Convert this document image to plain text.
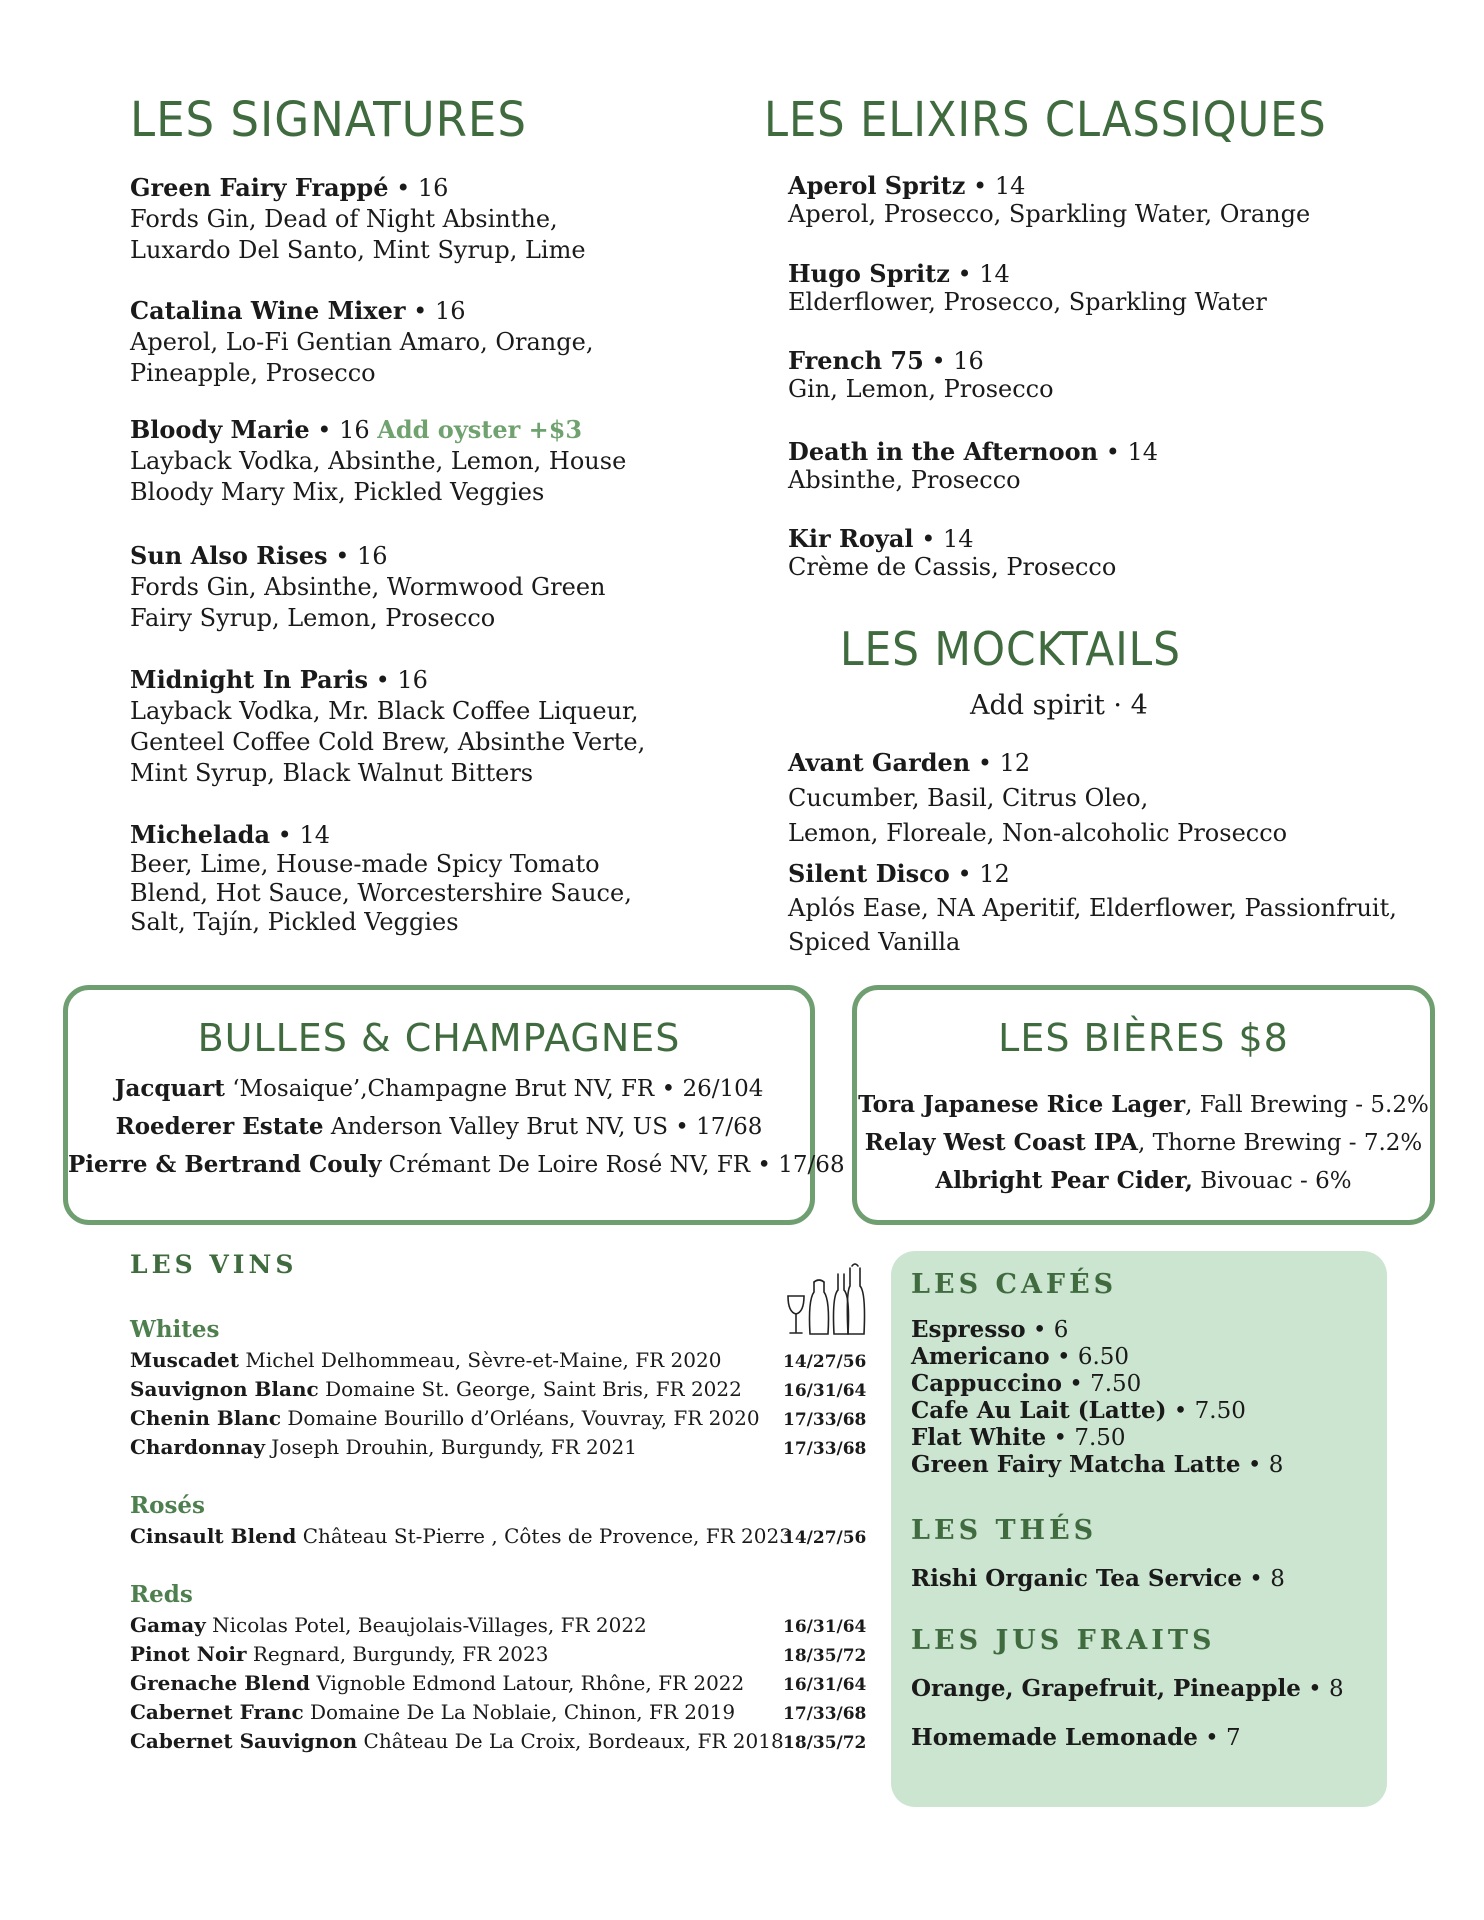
LES SIGNATURES
Green Fairy Frappé • 16
Fords Gin, Dead of Night Absinthe,
Luxardo Del Santo, Mint Syrup, Lime
Catalina Wine Mixer • 16
Aperol, Lo-Fi Gentian Amaro, Orange,
Pineapple, Prosecco
Bloody Marie • 16 Add oyster +$3
Layback Vodka, Absinthe, Lemon, House
Bloody Mary Mix, Pickled Veggies
Sun Also Rises • 16
Fords Gin, Absinthe, Wormwood Green
Fairy Syrup, Lemon, Prosecco
Midnight In Paris • 16
Layback Vodka, Mr. Black Coffee Liqueur,
Genteel Coffee Cold Brew, Absinthe Verte,
Mint Syrup, Black Walnut Bitters
Michelada • 14
Beer, Lime, House-made Spicy Tomato
Blend, Hot Sauce, Worcestershire Sauce,
Salt, Tajín, Pickled Veggies
LES ELIXIRS CLASSIQUES
Aperol Spritz • 14
Aperol, Prosecco, Sparkling Water, Orange
Hugo Spritz • 14
Elderflower, Prosecco, Sparkling Water
French 75 • 16
Gin, Lemon, Prosecco
Death in the Afternoon • 14
Absinthe, Prosecco
Kir Royal • 14
Crème de Cassis, Prosecco
LES MOCKTAILS
Add spirit · 4
Avant Garden • 12
Cucumber, Basil, Citrus Oleo,
Lemon, Floreale, Non-alcoholic Prosecco
Silent Disco • 12
Aplós Ease, NA Aperitif, Elderflower, Passionfruit,
Spiced Vanilla
BULLES & CHAMPAGNES
Jacquart ‘Mosaique’,Champagne Brut NV, FR • 26/104
Roederer Estate Anderson Valley Brut NV, US • 17/68
Pierre & Bertrand Couly Crémant De Loire Rosé NV, FR • 17/68
LES BIÈRES $8
Tora Japanese Rice Lager, Fall Brewing - 5.2%
Relay West Coast IPA, Thorne Brewing - 7.2%
Albright Pear Cider, Bivouac - 6%
LES VINS
Whites
Muscadet Michel Delhommeau, Sèvre-et-Maine, FR 2020	14/27/56
Sauvignon Blanc Domaine St. George, Saint Bris, FR 2022 16/31/64
Chenin Blanc Domaine Bourillo d’Orléans, Vouvray, FR 2020 17/33/68
Chardonnay Joseph Drouhin, Burgundy, FR 2021	17/33/68
Rosés
Cinsault Blend Château St-Pierre , Côtes de Provence, FR 2023
14/27/56
Reds
Gamay Nicolas Potel, Beaujolais-Villages, FR 2022	16/31/64
Pinot Noir Regnard, Burgundy, FR 2023	18/35/72
Grenache Blend Vignoble Edmond Latour, Rhône, FR 2022 16/31/64
Cabernet Franc Domaine De La Noblaie, Chinon, FR 2019	17/33/68
Cabernet Sauvignon Château De La Croix, Bordeaux, FR 2018 18/35/72
LES CAFÉS
Espresso • 6
Americano • 6.50
Cappuccino • 7.50
Cafe Au Lait (Latte) • 7.50
Flat White • 7.50
Green Fairy Matcha Latte • 8
LES THÉS
Rishi Organic Tea Service • 8
LES JUS FRAITS
Orange, Grapefruit, Pineapple • 8
Homemade Lemonade • 7
